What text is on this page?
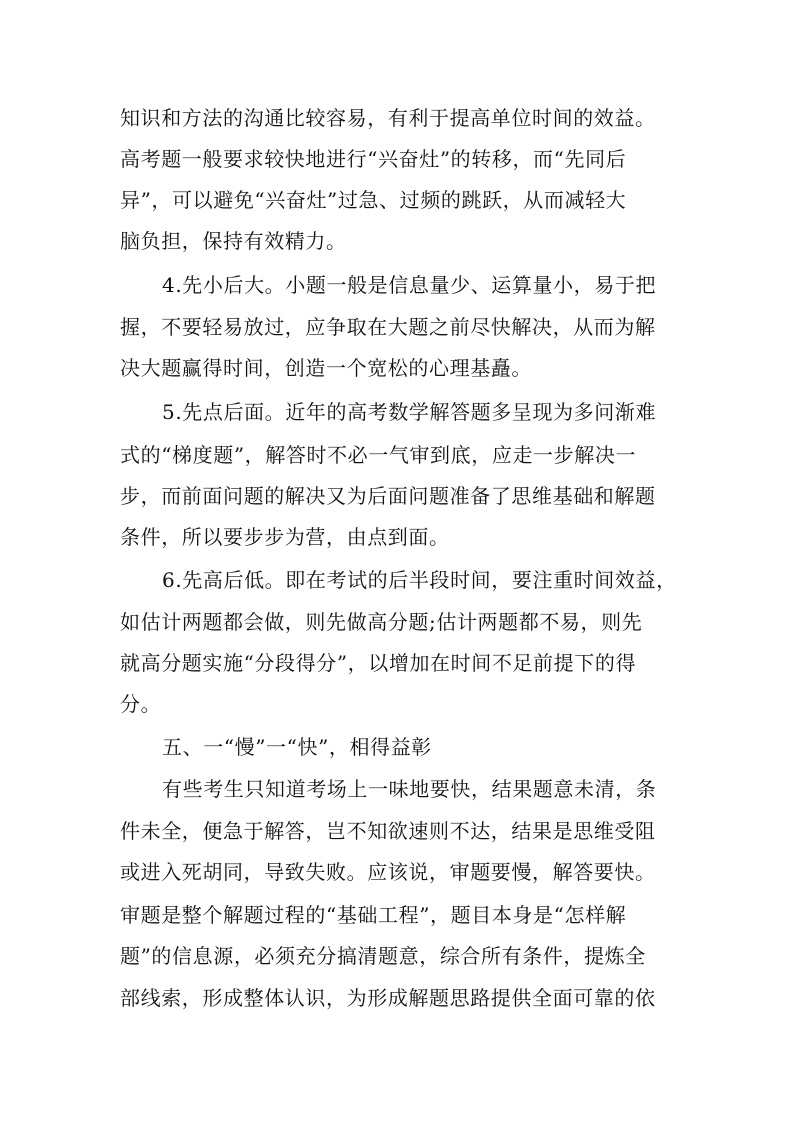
知识和方法的沟通比较容易，有利于提高单位时间的效益。
高考题一般要求较快地进行“兴奋灶”的转移，而“先同后
异”，可以避免“兴奋灶”过急、过频的跳跃，从而减轻大
脑负担，保持有效精力。
4.先小后大。小题一般是信息量少、运算量小，易于把
握，不要轻易放过，应争取在大题之前尽快解决，从而为解
决大题赢得时间，创造一个宽松的心理基矗。
5.先点后面。近年的高考数学解答题多呈现为多问渐难
式的“梯度题”，解答时不必一气审到底，应走一步解决一
步，而前面问题的解决又为后面问题准备了思维基础和解题
条件，所以要步步为营，由点到面。
6.先高后低。即在考试的后半段时间，要注重时间效益，
如估计两题都会做，则先做高分题;估计两题都不易，则先
就高分题实施“分段得分”，以增加在时间不足前提下的得
分。
五、一“慢”一“快”，相得益彰
有些考生只知道考场上一味地要快，结果题意未清，条
件未全，便急于解答，岂不知欲速则不达，结果是思维受阻
或进入死胡同，导致失败。应该说，审题要慢，解答要快。
审题是整个解题过程的“基础工程”，题目本身是“怎样解
题”的信息源，必须充分搞清题意，综合所有条件，提炼全
部线索，形成整体认识，为形成解题思路提供全面可靠的依
